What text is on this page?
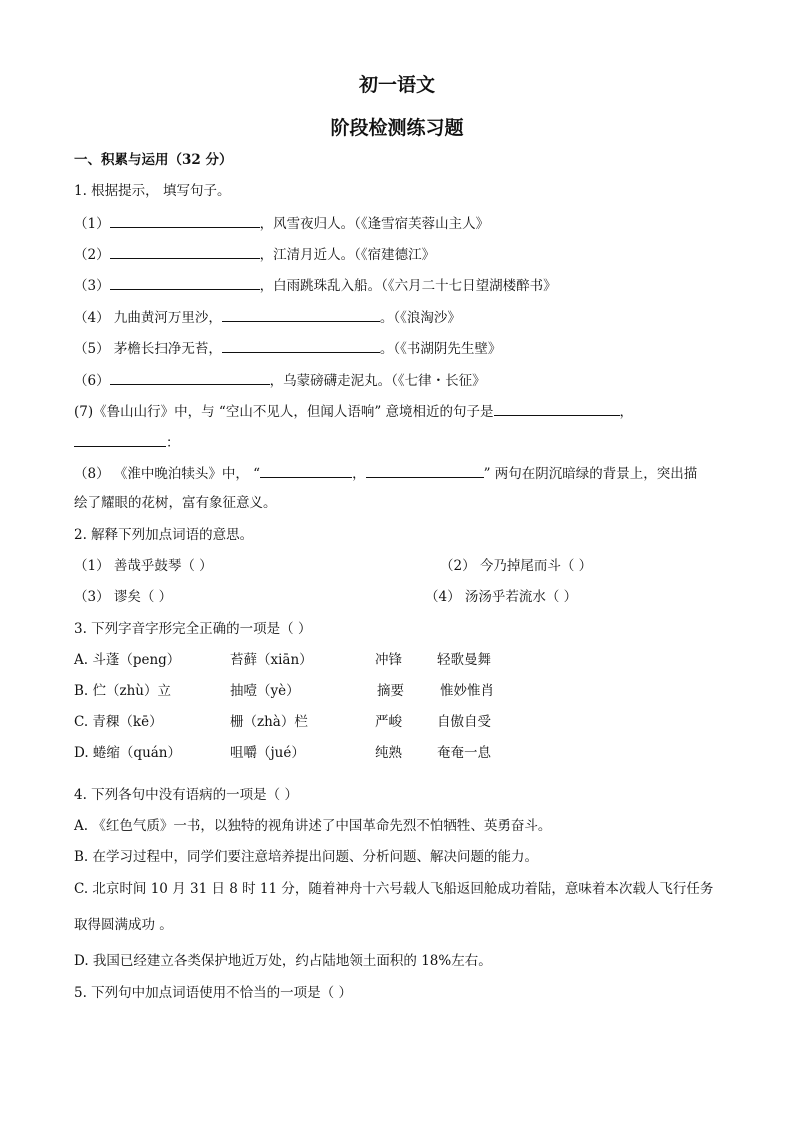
初一语文
阶段检测练习题
一、积累与运用（32 分）
1. 根据提示， 填写句子。
（1）	，风雪夜归人。（《逢雪宿芙蓉山主人》
（2）	，江清月近人。（《宿建德江》
（3）	，白雨跳珠乱入船。（《六月二十七日望湖楼醉书》
（4） 九曲黄河万里沙，	。（《浪淘沙》
（5） 茅檐长扫净无苔，	。（《书湖阴先生壁》
（6）	，乌蒙磅礴走泥丸。（《七律・长征》
(7)《鲁山山行》中，与 “空山不见人，但闻人语响” 意境相近的句子是	，
：
（8） 《淮中晚泊犊头》中， “	，	” 两句在阴沉暗绿的背景上，突出描
绘了耀眼的花树，富有象征意义。
2. 解释下列加点词语的意思。
（1） 善哉乎鼓琴（ ）	（2） 今乃掉尾而斗（ ）
（3） 谬矣（ ）	（4） 汤汤乎若流水（ ）
3. 下列字音字形完全正确的一项是（ ）
A. 斗蓬（peng）	苔藓（xiān）	冲锋	轻歌曼舞
B. 伫（zhù）立	抽噎（yè）	摘要	惟妙惟肖
C. 青稞（kē）	栅（zhà）栏	严峻	自傲自受
D. 蜷缩（quán）	咀嚼（jué）	纯熟	奄奄一息
4. 下列各句中没有语病的一项是（ ）
A. 《红色气质》一书，以独特的视角讲述了中国革命先烈不怕牺牲、英勇奋斗。
B. 在学习过程中，同学们要注意培养提出问题、分析问题、解决问题的能力。
C. 北京时间 10 月 31 日 8 时 11 分，随着神舟十六号载人飞船返回舱成功着陆，意味着本次载人飞行任务
取得圆满成功 。
D. 我国已经建立各类保护地近万处，约占陆地领土面积的 18%左右。
5. 下列句中加点词语使用不恰当的一项是（ ）
